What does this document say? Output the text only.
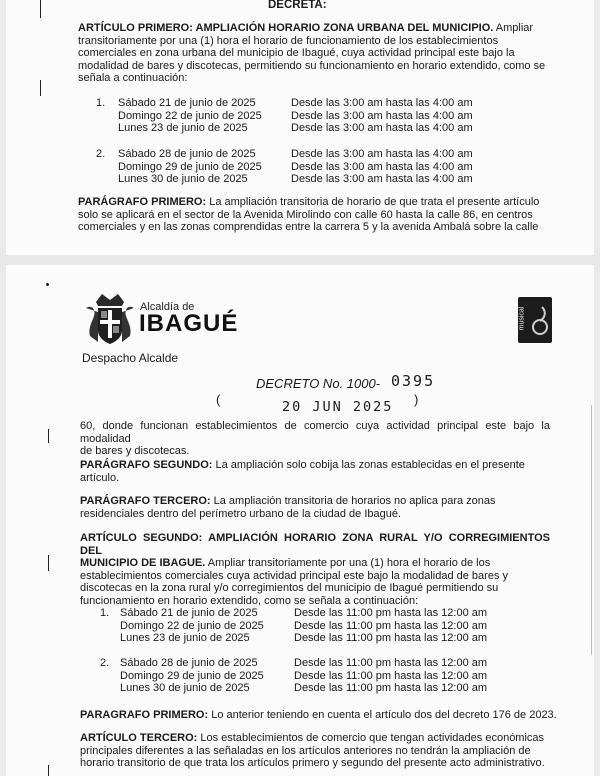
DECRETA:
ARTÍCULO PRIMERO: AMPLIACIÓN HORARIO ZONA URBANA DEL MUNICIPIO. Ampliar
transitoriamente por una (1) hora el horario de funcionamiento de los establecimientos
comerciales en zona urbana del municipio de Ibagué, cuya actividad principal este bajo la
modalidad de bares y discotecas, permitiendo su funcionamiento en horario extendido, como se
señala a continuación:
1. Sábado 21 de junio de 2025	Desde las 3:00 am hasta las 4:00 am
Domingo 22 de junio de 2025	Desde las 3:00 am hasta las 4:00 am
Lunes 23 de junio de 2025	Desde las 3:00 am hasta las 4:00 am
2. Sábado 28 de junio de 2025	Desde las 3:00 am hasta las 4:00 am
Domingo 29 de junio de 2025	Desde las 3:00 am hasta las 4:00 am
Lunes 30 de junio de 2025	Desde las 3:00 am hasta las 4:00 am
PARÁGRAFO PRIMERO: La ampliación transitoria de horario de que trata el presente artículo
solo se aplicará en el sector de la Avenida Mirolindo con calle 60 hasta la calle 86, en centros
comerciales y en las zonas comprendidas entre la carrera 5 y la avenida Ambalá sobre la calle
Alcaldía de
IBAGUÉ	musical
Despacho Alcalde
DECRETO No. 1000- 0395
(	20 JUN 2025 )
60, donde funcionan establecimientos de comercio cuya actividad principal este bajo la modalidad
de bares y discotecas.
PARÁGRAFO SEGUNDO: La ampliación solo cobija las zonas establecidas en el presente
artículo.
PARÁGRAFO TERCERO: La ampliación transitoria de horarios no aplica para zonas
residenciales dentro del perímetro urbano de la ciudad de Ibagué.
ARTÍCULO SEGUNDO: AMPLIACIÓN HORARIO ZONA RURAL Y/O CORREGIMIENTOS DEL
MUNICIPIO DE IBAGUE. Ampliar transitoriamente por una (1) hora el horario de los
establecimientos comerciales cuya actividad principal este bajo la modalidad de bares y
discotecas en la zona rural y/o corregimientos del municipio de Ibagué permitiendo su
funcionamiento en horario extendido, como se señala a continuación:
1. Sábado 21 de junio de 2025	Desde las 11:00 pm hasta las 12:00 am
Domingo 22 de junio de 2025	Desde las 11:00 pm hasta las 12:00 am
Lunes 23 de junio de 2025	Desde las 11:00 pm hasta las 12:00 am
2. Sábado 28 de junio de 2025	Desde las 11:00 pm hasta las 12:00 am
Domingo 29 de junio de 2025	Desde las 11:00 pm hasta las 12:00 am
Lunes 30 de junio de 2025	Desde las 11:00 pm hasta las 12:00 am
PARAGRAFO PRIMERO: Lo anterior teniendo en cuenta el artículo dos del decreto 176 de 2023.
ARTÍCULO TERCERO: Los establecimientos de comercio que tengan actividades económicas
principales diferentes a las señaladas en los artículos anteriores no tendrán la ampliación de
horario transitorio de que trata los artículos primero y segundo del presente acto administrativo.
